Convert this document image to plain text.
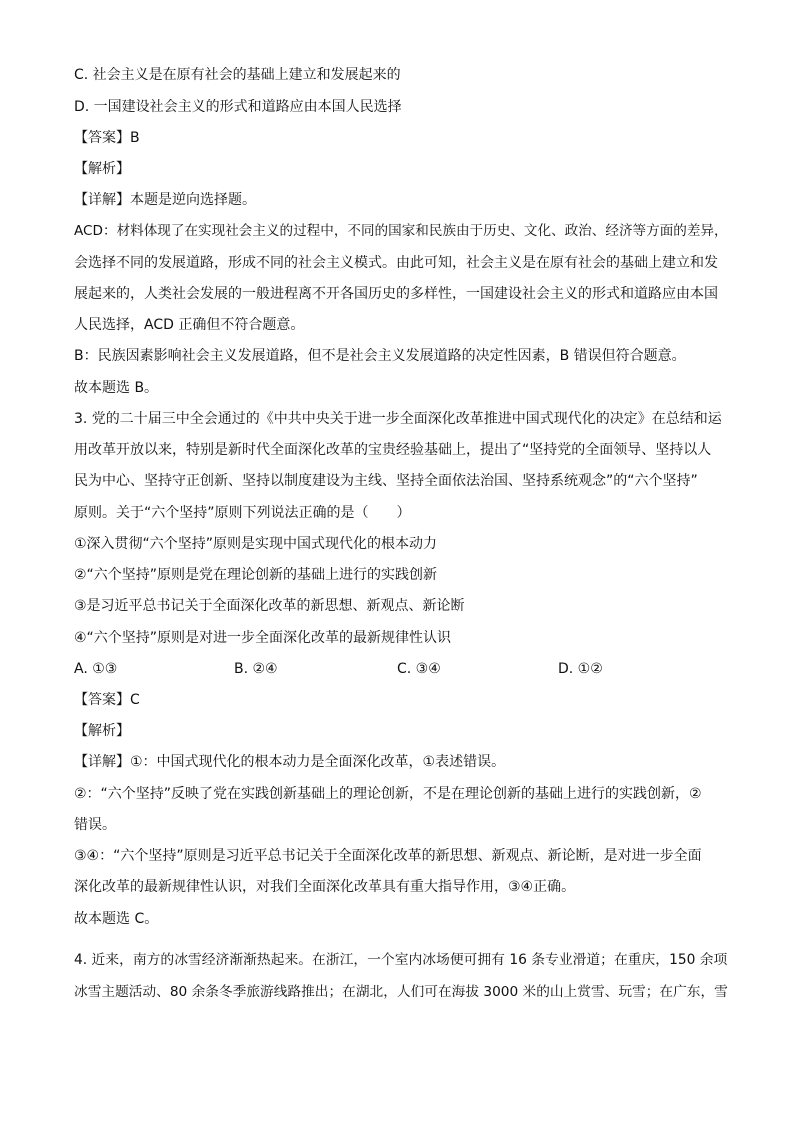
C. 社会主义是在原有社会的基础上建立和发展起来的
D. 一国建设社会主义的形式和道路应由本国人民选择
【答案】B
【解析】
【详解】本题是逆向选择题。
ACD：材料体现了在实现社会主义的过程中，不同的国家和民族由于历史、文化、政治、经济等方面的差异，
会选择不同的发展道路，形成不同的社会主义模式。由此可知，社会主义是在原有社会的基础上建立和发
展起来的，人类社会发展的一般进程离不开各国历史的多样性，一国建设社会主义的形式和道路应由本国
人民选择，ACD 正确但不符合题意。
B：民族因素影响社会主义发展道路，但不是社会主义发展道路的决定性因素，B 错误但符合题意。
故本题选 B。
3. 党的二十届三中全会通过的《中共中央关于进一步全面深化改革推进中国式现代化的决定》在总结和运
用改革开放以来，特别是新时代全面深化改革的宝贵经验基础上，提出了“坚持党的全面领导、坚持以人
民为中心、坚持守正创新、坚持以制度建设为主线、坚持全面依法治国、坚持系统观念”的“六个坚持”
原则。关于“六个坚持”原则下列说法正确的是（　　）
①深入贯彻“六个坚持”原则是实现中国式现代化的根本动力
②“六个坚持”原则是党在理论创新的基础上进行的实践创新
③是习近平总书记关于全面深化改革的新思想、新观点、新论断
④“六个坚持”原则是对进一步全面深化改革的最新规律性认识
A. ①③	B. ②④	C. ③④	D. ①②
【答案】C
【解析】
【详解】①：中国式现代化的根本动力是全面深化改革，①表述错误。
②：“六个坚持”反映了党在实践创新基础上的理论创新，不是在理论创新的基础上进行的实践创新，②
错误。
③④：“六个坚持”原则是习近平总书记关于全面深化改革的新思想、新观点、新论断，是对进一步全面
深化改革的最新规律性认识，对我们全面深化改革具有重大指导作用，③④正确。
故本题选 C。
4. 近来，南方的冰雪经济渐渐热起来。在浙江，一个室内冰场便可拥有 16 条专业滑道；在重庆，150 余项
冰雪主题活动、80 余条冬季旅游线路推出；在湖北，人们可在海拔 3000 米的山上赏雪、玩雪；在广东，雪
